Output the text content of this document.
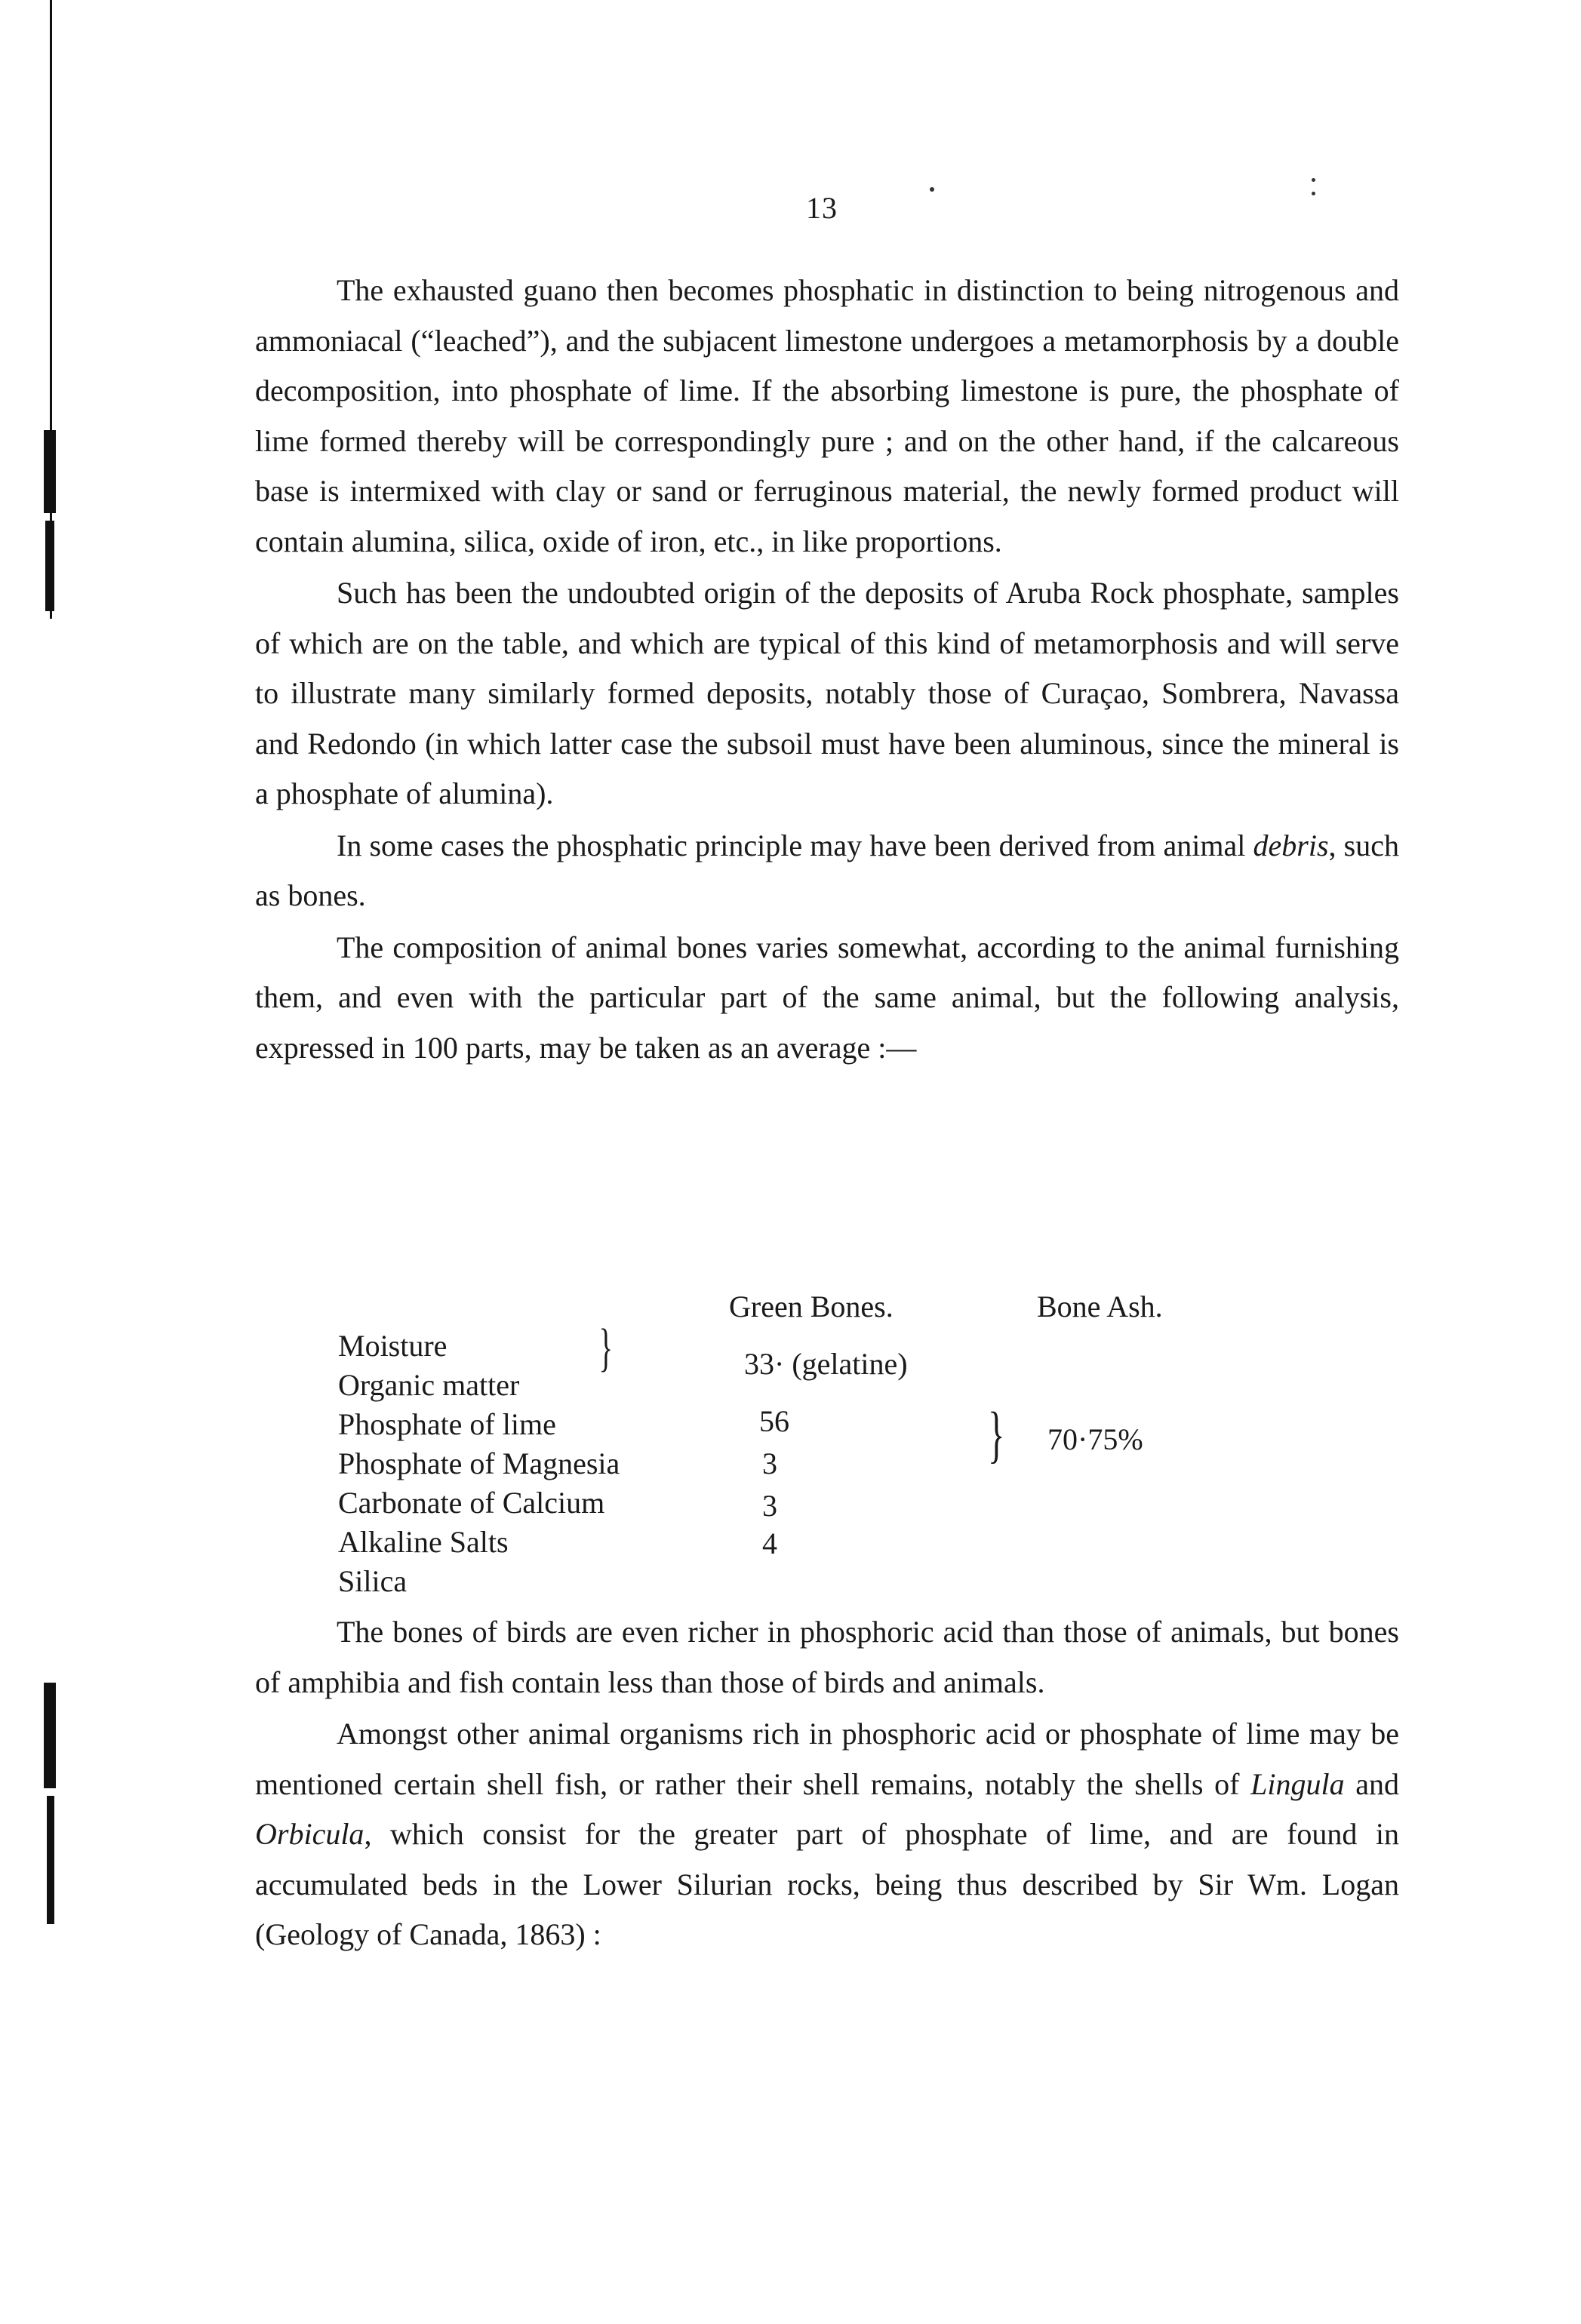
13

The exhausted guano then becomes phosphatic in distinction to being nitrogenous and ammoniacal (“leached”), and the subjacent limestone undergoes a metamorphosis by a double decomposition, into phosphate of lime. If the absorbing limestone is pure, the phosphate of lime formed thereby will be correspondingly pure ; and on the other hand, if the calcareous base is intermixed with clay or sand or ferruginous material, the newly formed product will contain alumina, silica, oxide of iron, etc., in like proportions.

Such has been the undoubted origin of the deposits of Aruba Rock phosphate, samples of which are on the table, and which are typical of this kind of metamorphosis and will serve to illustrate many similarly formed deposits, notably those of Curaçao, Sombrera, Navassa and Redondo (in which latter case the subsoil must have been aluminous, since the mineral is a phosphate of alumina).

In some cases the phosphatic principle may have been derived from animal debris, such as bones.

The composition of animal bones varies somewhat, according to the animal furnishing them, and even with the particular part of the same animal, but the following analysis, expressed in 100 parts, may be taken as an average :—

Green Bones.	Bone Ash.
Moisture
Organic matter
Phosphate of lime
Phosphate of Magnesia
Carbonate of Calcium
Alkaline Salts
Silica
}	33· (gelatine)
56
3
3
4
} 70·75%

The bones of birds are even richer in phosphoric acid than those of animals, but bones of amphibia and fish contain less than those of birds and animals.

Amongst other animal organisms rich in phosphoric acid or phosphate of lime may be mentioned certain shell fish, or rather their shell remains, notably the shells of Lingula and Orbicula, which consist for the greater part of phosphate of lime, and are found in accumulated beds in the Lower Silurian rocks, being thus described by Sir Wm. Logan (Geology of Canada, 1863) :
